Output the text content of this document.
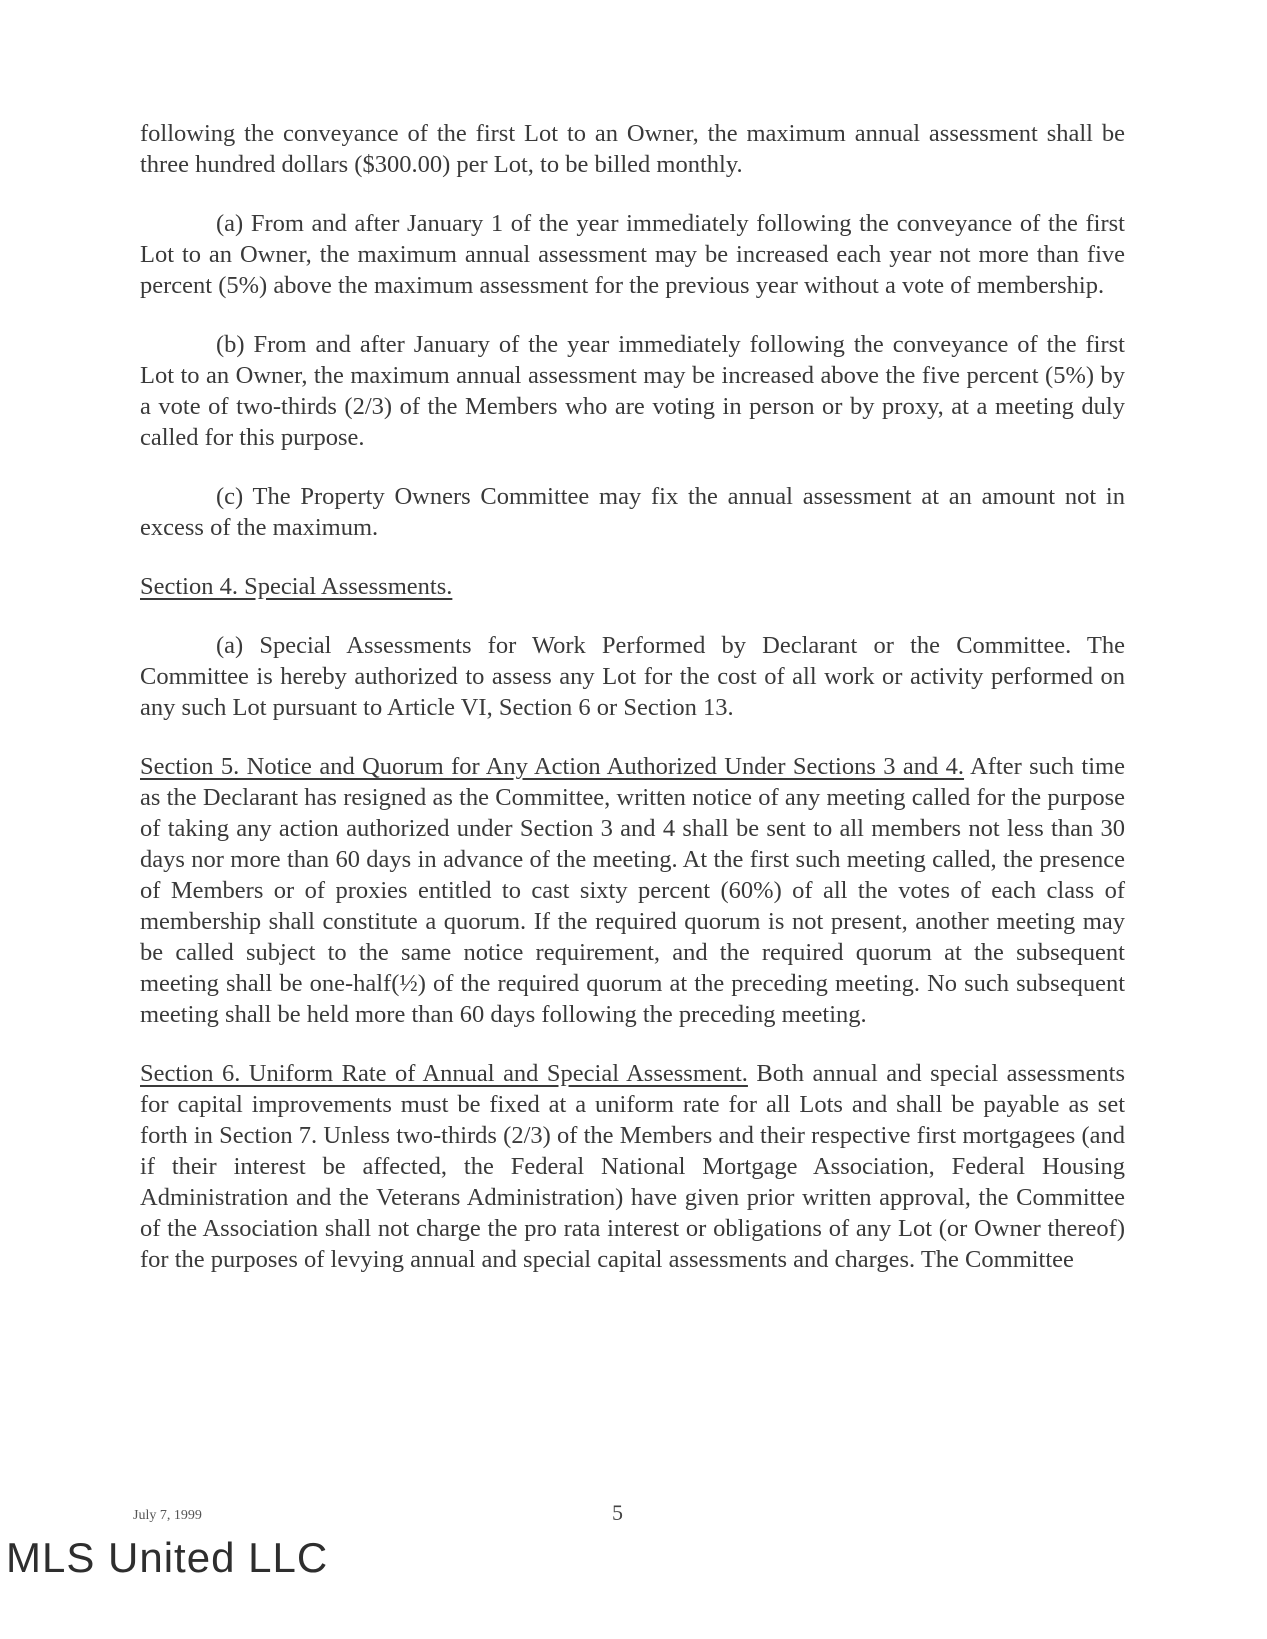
following the conveyance of the first Lot to an Owner, the maximum annual assessment shall be three hundred dollars ($300.00) per Lot, to be billed monthly.

(a) From and after January 1 of the year immediately following the conveyance of the first Lot to an Owner, the maximum annual assessment may be increased each year not more than five percent (5%) above the maximum assessment for the previous year without a vote of membership.

(b) From and after January of the year immediately following the conveyance of the first Lot to an Owner, the maximum annual assessment may be increased above the five percent (5%) by a vote of two-thirds (2/3) of the Members who are voting in person or by proxy, at a meeting duly called for this purpose.

(c) The Property Owners Committee may fix the annual assessment at an amount not in excess of the maximum.

Section 4. Special Assessments.

(a) Special Assessments for Work Performed by Declarant or the Committee. The Committee is hereby authorized to assess any Lot for the cost of all work or activity performed on any such Lot pursuant to Article VI, Section 6 or Section 13.

Section 5. Notice and Quorum for Any Action Authorized Under Sections 3 and 4. After such time as the Declarant has resigned as the Committee, written notice of any meeting called for the purpose of taking any action authorized under Section 3 and 4 shall be sent to all members not less than 30 days nor more than 60 days in advance of the meeting. At the first such meeting called, the presence of Members or of proxies entitled to cast sixty percent (60%) of all the votes of each class of membership shall constitute a quorum. If the required quorum is not present, another meeting may be called subject to the same notice requirement, and the required quorum at the subsequent meeting shall be one-half(½) of the required quorum at the preceding meeting. No such subsequent meeting shall be held more than 60 days following the preceding meeting.

Section 6. Uniform Rate of Annual and Special Assessment. Both annual and special assessments for capital improvements must be fixed at a uniform rate for all Lots and shall be payable as set forth in Section 7. Unless two-thirds (2/3) of the Members and their respective first mortgagees (and if their interest be affected, the Federal National Mortgage Association, Federal Housing Administration and the Veterans Administration) have given prior written approval, the Committee of the Association shall not charge the pro rata interest or obligations of any Lot (or Owner thereof) for the purposes of levying annual and special capital assessments and charges. The Committee

July 7, 1999	5
MLS United LLC
